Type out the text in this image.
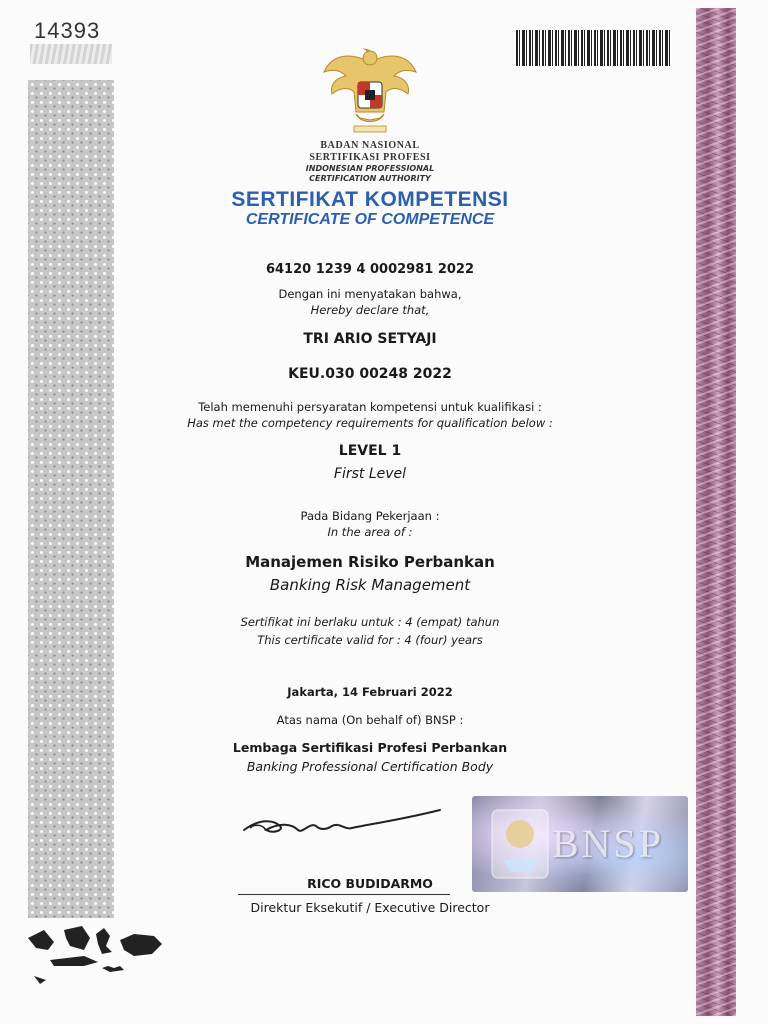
14393
BADAN NASIONAL
SERTIFIKASI PROFESI
INDONESIAN PROFESSIONAL
CERTIFICATION AUTHORITY
SERTIFIKAT KOMPETENSI
CERTIFICATE OF COMPETENCE
64120 1239 4 0002981 2022
Dengan ini menyatakan bahwa,
Hereby declare that,
TRI ARIO SETYAJI
KEU.030 00248 2022
Telah memenuhi persyaratan kompetensi untuk kualifikasi :
Has met the competency requirements for qualification below :
LEVEL 1
First Level
Pada Bidang Pekerjaan :
In the area of :
Manajemen Risiko Perbankan
Banking Risk Management
Sertifikat ini berlaku untuk : 4 (empat) tahun
This certificate valid for : 4 (four) years
Jakarta, 14 Februari 2022
Atas nama (On behalf of) BNSP :
Lembaga Sertifikasi Profesi Perbankan
Banking Professional Certification Body
BNSP
RICO BUDIDARMO
Direktur Eksekutif / Executive Director
